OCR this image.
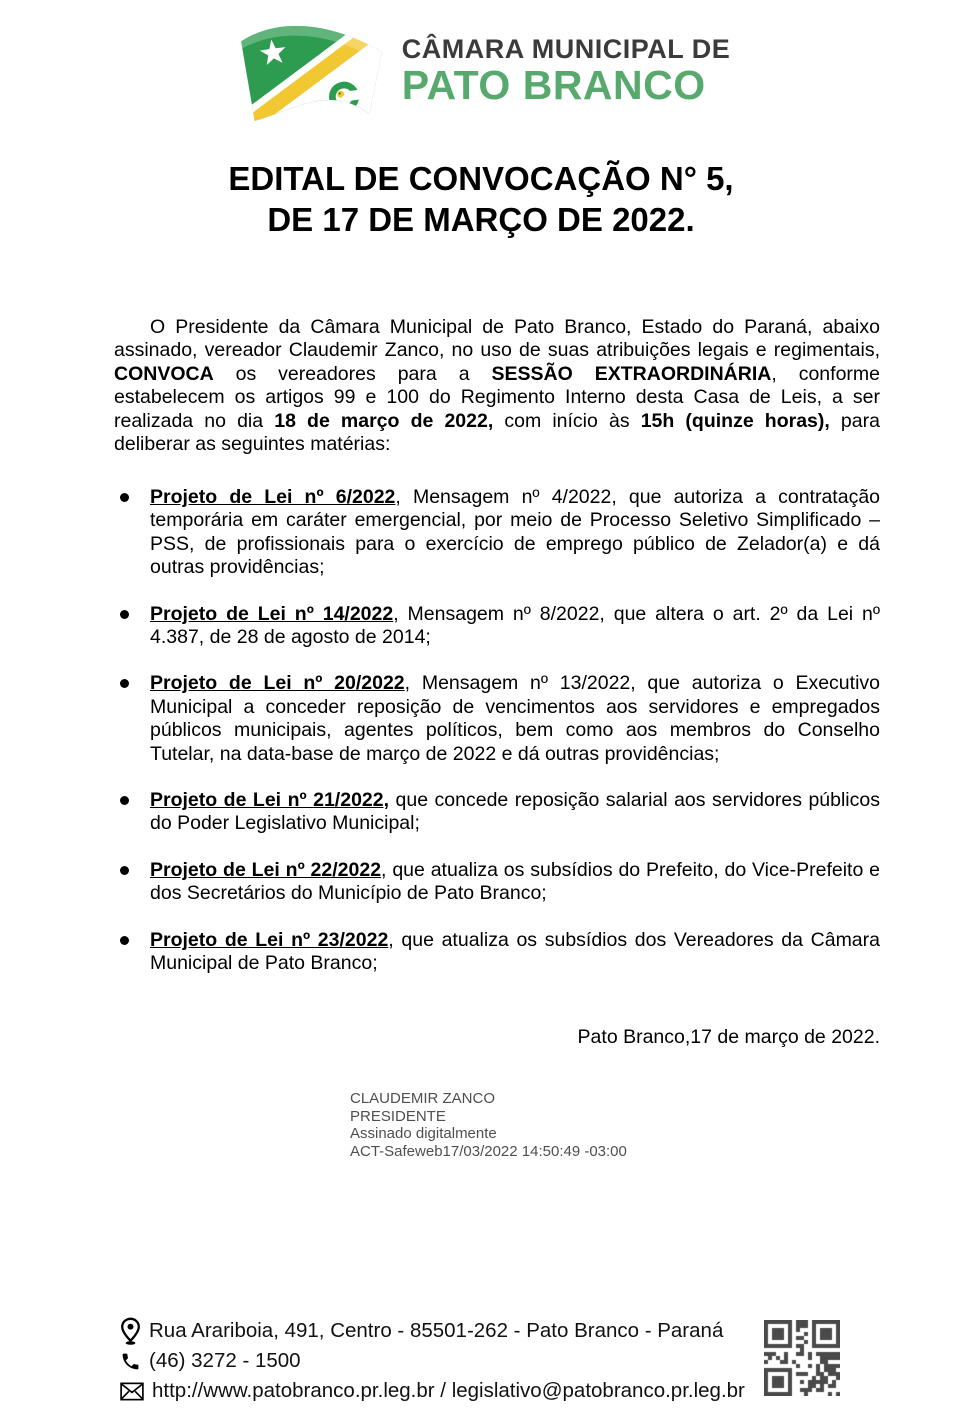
CÂMARA MUNICIPAL DE
PATO BRANCO
EDITAL DE CONVOCAÇÃO N° 5,
DE 17 DE MARÇO DE 2022.

O Presidente da Câmara Municipal de Pato Branco, Estado do Paraná, abaixo assinado, vereador Claudemir Zanco, no uso de suas atribuições legais e regimentais, CONVOCA os vereadores para a SESSÃO EXTRAORDINÁRIA, conforme estabelecem os artigos 99 e 100 do Regimento Interno desta Casa de Leis, a ser realizada no dia 18 de março de 2022, com início às 15h (quinze horas), para deliberar as seguintes matérias:

Projeto de Lei nº 6/2022, Mensagem nº 4/2022, que autoriza a contratação temporária em caráter emergencial, por meio de Processo Seletivo Simplificado – PSS, de profissionais para o exercício de emprego público de Zelador(a) e dá outras providências;
Projeto de Lei nº 14/2022, Mensagem nº 8/2022, que altera o art. 2º da Lei nº 4.387, de 28 de agosto de 2014;
Projeto de Lei nº 20/2022, Mensagem nº 13/2022, que autoriza o Executivo Municipal a conceder reposição de vencimentos aos servidores e empregados públicos municipais, agentes políticos, bem como aos membros do Conselho Tutelar, na data-base de março de 2022 e dá outras providências;
Projeto de Lei nº 21/2022, que concede reposição salarial aos servidores públicos do Poder Legislativo Municipal;
Projeto de Lei nº 22/2022, que atualiza os subsídios do Prefeito, do Vice-Prefeito e dos Secretários do Município de Pato Branco;
Projeto de Lei nº 23/2022, que atualiza os subsídios dos Vereadores da Câmara Municipal de Pato Branco;
Pato Branco,17 de março de 2022.
CLAUDEMIR ZANCO
PRESIDENTE
Assinado digitalmente
ACT-Safeweb17/03/2022 14:50:49 -03:00
Rua Arariboia, 491, Centro - 85501-262 - Pato Branco - Paraná
(46) 3272 - 1500
http://www.patobranco.pr.leg.br / legislativo@patobranco.pr.leg.br
